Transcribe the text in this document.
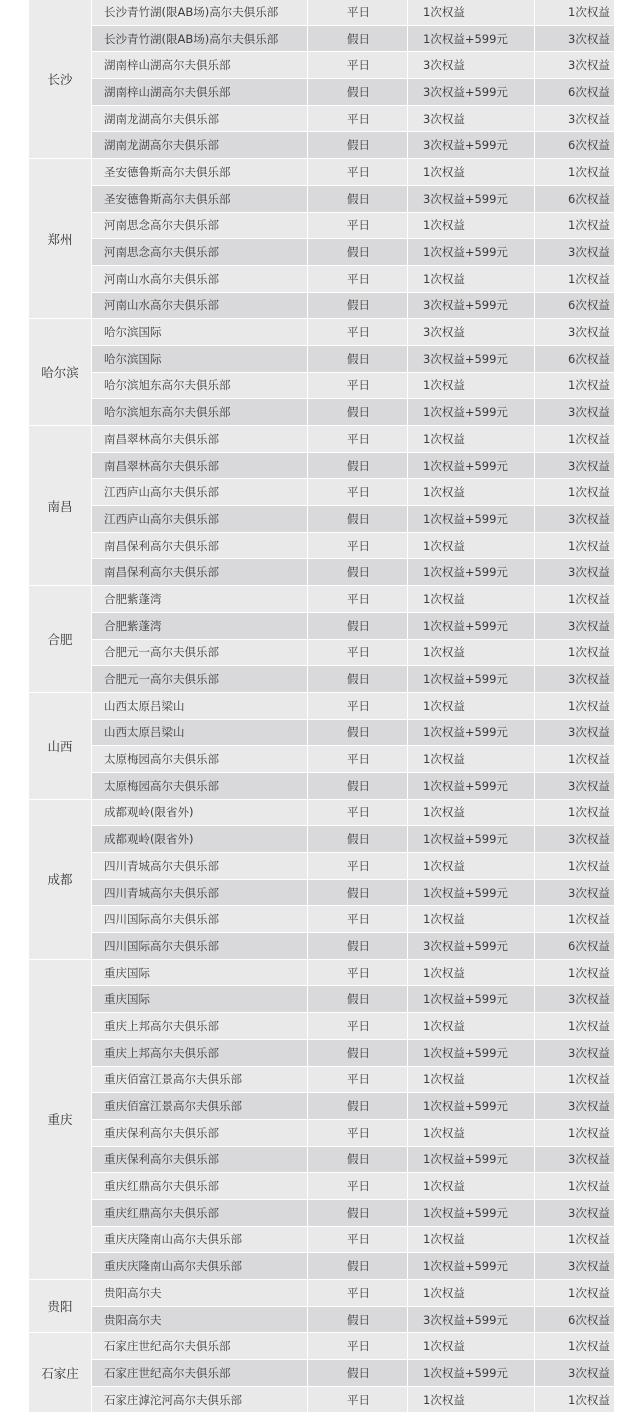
长沙	长沙青竹湖(限AB场)高尔夫俱乐部	平日	1次权益	1次权益
	长沙青竹湖(限AB场)高尔夫俱乐部	假日	1次权益+599元	3次权益
	湖南梓山湖高尔夫俱乐部	平日	3次权益	3次权益
	湖南梓山湖高尔夫俱乐部	假日	3次权益+599元	6次权益
	湖南龙湖高尔夫俱乐部	平日	3次权益	3次权益
	湖南龙湖高尔夫俱乐部	假日	3次权益+599元	6次权益
郑州	圣安德鲁斯高尔夫俱乐部	平日	1次权益	1次权益
	圣安德鲁斯高尔夫俱乐部	假日	3次权益+599元	6次权益
	河南思念高尔夫俱乐部	平日	1次权益	1次权益
	河南思念高尔夫俱乐部	假日	1次权益+599元	3次权益
	河南山水高尔夫俱乐部	平日	1次权益	1次权益
	河南山水高尔夫俱乐部	假日	3次权益+599元	6次权益
哈尔滨	哈尔滨国际	平日	3次权益	3次权益
	哈尔滨国际	假日	3次权益+599元	6次权益
	哈尔滨旭东高尔夫俱乐部	平日	1次权益	1次权益
	哈尔滨旭东高尔夫俱乐部	假日	1次权益+599元	3次权益
南昌	南昌翠林高尔夫俱乐部	平日	1次权益	1次权益
	南昌翠林高尔夫俱乐部	假日	1次权益+599元	3次权益
	江西庐山高尔夫俱乐部	平日	1次权益	1次权益
	江西庐山高尔夫俱乐部	假日	1次权益+599元	3次权益
	南昌保利高尔夫俱乐部	平日	1次权益	1次权益
	南昌保利高尔夫俱乐部	假日	1次权益+599元	3次权益
合肥	合肥紫蓬湾	平日	1次权益	1次权益
	合肥紫蓬湾	假日	1次权益+599元	3次权益
	合肥元一高尔夫俱乐部	平日	1次权益	1次权益
	合肥元一高尔夫俱乐部	假日	1次权益+599元	3次权益
山西	山西太原吕梁山	平日	1次权益	1次权益
	山西太原吕梁山	假日	1次权益+599元	3次权益
	太原梅园高尔夫俱乐部	平日	1次权益	1次权益
	太原梅园高尔夫俱乐部	假日	1次权益+599元	3次权益
成都	成都观岭(限省外)	平日	1次权益	1次权益
	成都观岭(限省外)	假日	1次权益+599元	3次权益
	四川青城高尔夫俱乐部	平日	1次权益	1次权益
	四川青城高尔夫俱乐部	假日	1次权益+599元	3次权益
	四川国际高尔夫俱乐部	平日	1次权益	1次权益
	四川国际高尔夫俱乐部	假日	3次权益+599元	6次权益
重庆	重庆国际	平日	1次权益	1次权益
	重庆国际	假日	1次权益+599元	3次权益
	重庆上邦高尔夫俱乐部	平日	1次权益	1次权益
	重庆上邦高尔夫俱乐部	假日	1次权益+599元	3次权益
	重庆佰富江景高尔夫俱乐部	平日	1次权益	1次权益
	重庆佰富江景高尔夫俱乐部	假日	1次权益+599元	3次权益
	重庆保利高尔夫俱乐部	平日	1次权益	1次权益
	重庆保利高尔夫俱乐部	假日	1次权益+599元	3次权益
	重庆红鼎高尔夫俱乐部	平日	1次权益	1次权益
	重庆红鼎高尔夫俱乐部	假日	1次权益+599元	3次权益
	重庆庆隆南山高尔夫俱乐部	平日	1次权益	1次权益
	重庆庆隆南山高尔夫俱乐部	假日	1次权益+599元	3次权益
贵阳	贵阳高尔夫	平日	1次权益	1次权益
	贵阳高尔夫	假日	3次权益+599元	6次权益
石家庄	石家庄世纪高尔夫俱乐部	平日	1次权益	1次权益
	石家庄世纪高尔夫俱乐部	假日	1次权益+599元	3次权益
	石家庄滹沱河高尔夫俱乐部	平日	1次权益	1次权益
